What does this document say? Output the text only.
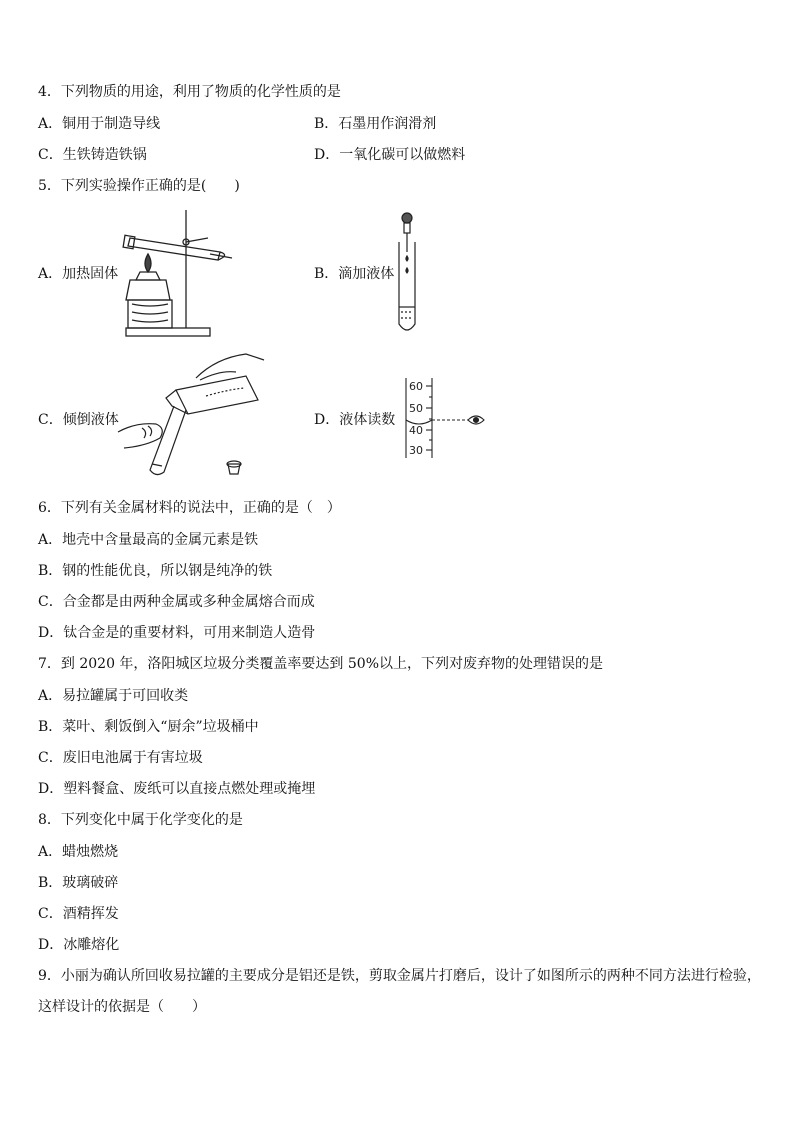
4．下列物质的用途，利用了物质的化学性质的是
A．铜用于制造导线	B．石墨用作润滑剂
C．生铁铸造铁锅	D．一氧化碳可以做燃料
5．下列实验操作正确的是(　　)
A．加热固体	B．滴加液体
C．倾倒液体	D．液体读数
60
50
40
30
6．下列有关金属材料的说法中，正确的是（　）
A．地壳中含量最高的金属元素是铁
B．钢的性能优良，所以钢是纯净的铁
C．合金都是由两种金属或多种金属熔合而成
D．钛合金是的重要材料，可用来制造人造骨
7．到 2020 年，洛阳城区垃圾分类覆盖率要达到 50%以上，下列对废弃物的处理错误的是
A．易拉罐属于可回收类
B．菜叶、剩饭倒入“厨余”垃圾桶中
C．废旧电池属于有害垃圾
D．塑料餐盒、废纸可以直接点燃处理或掩埋
8．下列变化中属于化学变化的是
A．蜡烛燃烧
B．玻璃破碎
C．酒精挥发
D．冰雕熔化
9．小丽为确认所回收易拉罐的主要成分是铝还是铁，剪取金属片打磨后，设计了如图所示的两种不同方法进行检验，
这样设计的依据是（　　）
